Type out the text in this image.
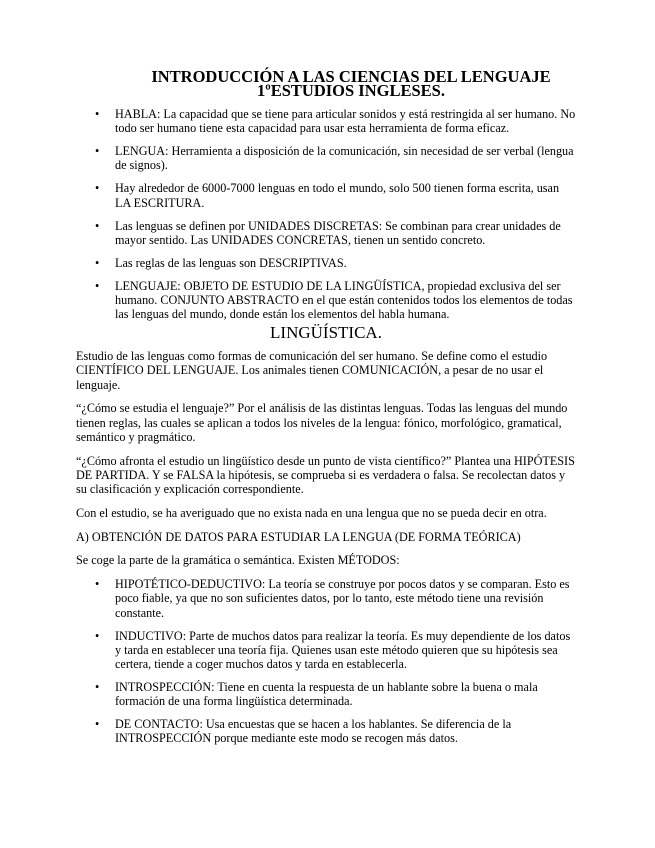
INTRODUCCIÓN A LAS CIENCIAS DEL LENGUAJE
1ºESTUDIOS INGLESES.
• HABLA: La capacidad que se tiene para articular sonidos y está restringida al ser humano. No todo ser humano tiene esta capacidad para usar esta herramienta de forma eficaz.
• LENGUA: Herramienta a disposición de la comunicación, sin necesidad de ser verbal (lengua de signos).
• Hay alrededor de 6000-7000 lenguas en todo el mundo, solo 500 tienen forma escrita, usan LA ESCRITURA.
• Las lenguas se definen por UNIDADES DISCRETAS: Se combinan para crear unidades de mayor sentido. Las UNIDADES CONCRETAS, tienen un sentido concreto.
• Las reglas de las lenguas son DESCRIPTIVAS.
• LENGUAJE: OBJETO DE ESTUDIO DE LA LINGÜÍSTICA, propiedad exclusiva del ser humano. CONJUNTO ABSTRACTO en el que están contenidos todos los elementos de todas las lenguas del mundo, donde están los elementos del habla humana.
LINGÜÍSTICA.

Estudio de las lenguas como formas de comunicación del ser humano. Se define como el estudio CIENTÍFICO DEL LENGUAJE. Los animales tienen COMUNICACIÓN, a pesar de no usar el lenguaje.

“¿Cómo se estudia el lenguaje?” Por el análisis de las distintas lenguas. Todas las lenguas del mundo tienen reglas, las cuales se aplican a todos los niveles de la lengua: fónico, morfológico, gramatical, semántico y pragmático.

“¿Cómo afronta el estudio un lingüístico desde un punto de vista científico?” Plantea una HIPÓTESIS DE PARTIDA. Y se FALSA la hipótesis, se comprueba si es verdadera o falsa. Se recolectan datos y su clasificación y explicación correspondiente.

Con el estudio, se ha averiguado que no exista nada en una lengua que no se pueda decir en otra.

A) OBTENCIÓN DE DATOS PARA ESTUDIAR LA LENGUA (DE FORMA TEÓRICA)

Se coge la parte de la gramática o semántica. Existen MÉTODOS:

• HIPOTÉTICO-DEDUCTIVO: La teoría se construye por pocos datos y se comparan. Esto es poco fiable, ya que no son suficientes datos, por lo tanto, este método tiene una revisión constante.
• INDUCTIVO: Parte de muchos datos para realizar la teoría. Es muy dependiente de los datos y tarda en establecer una teoría fija. Quienes usan este método quieren que su hipótesis sea certera, tiende a coger muchos datos y tarda en establecerla.
• INTROSPECCIÓN: Tiene en cuenta la respuesta de un hablante sobre la buena o mala formación de una forma lingüística determinada.
• DE CONTACTO: Usa encuestas que se hacen a los hablantes. Se diferencia de la INTROSPECCIÓN porque mediante este modo se recogen más datos.
